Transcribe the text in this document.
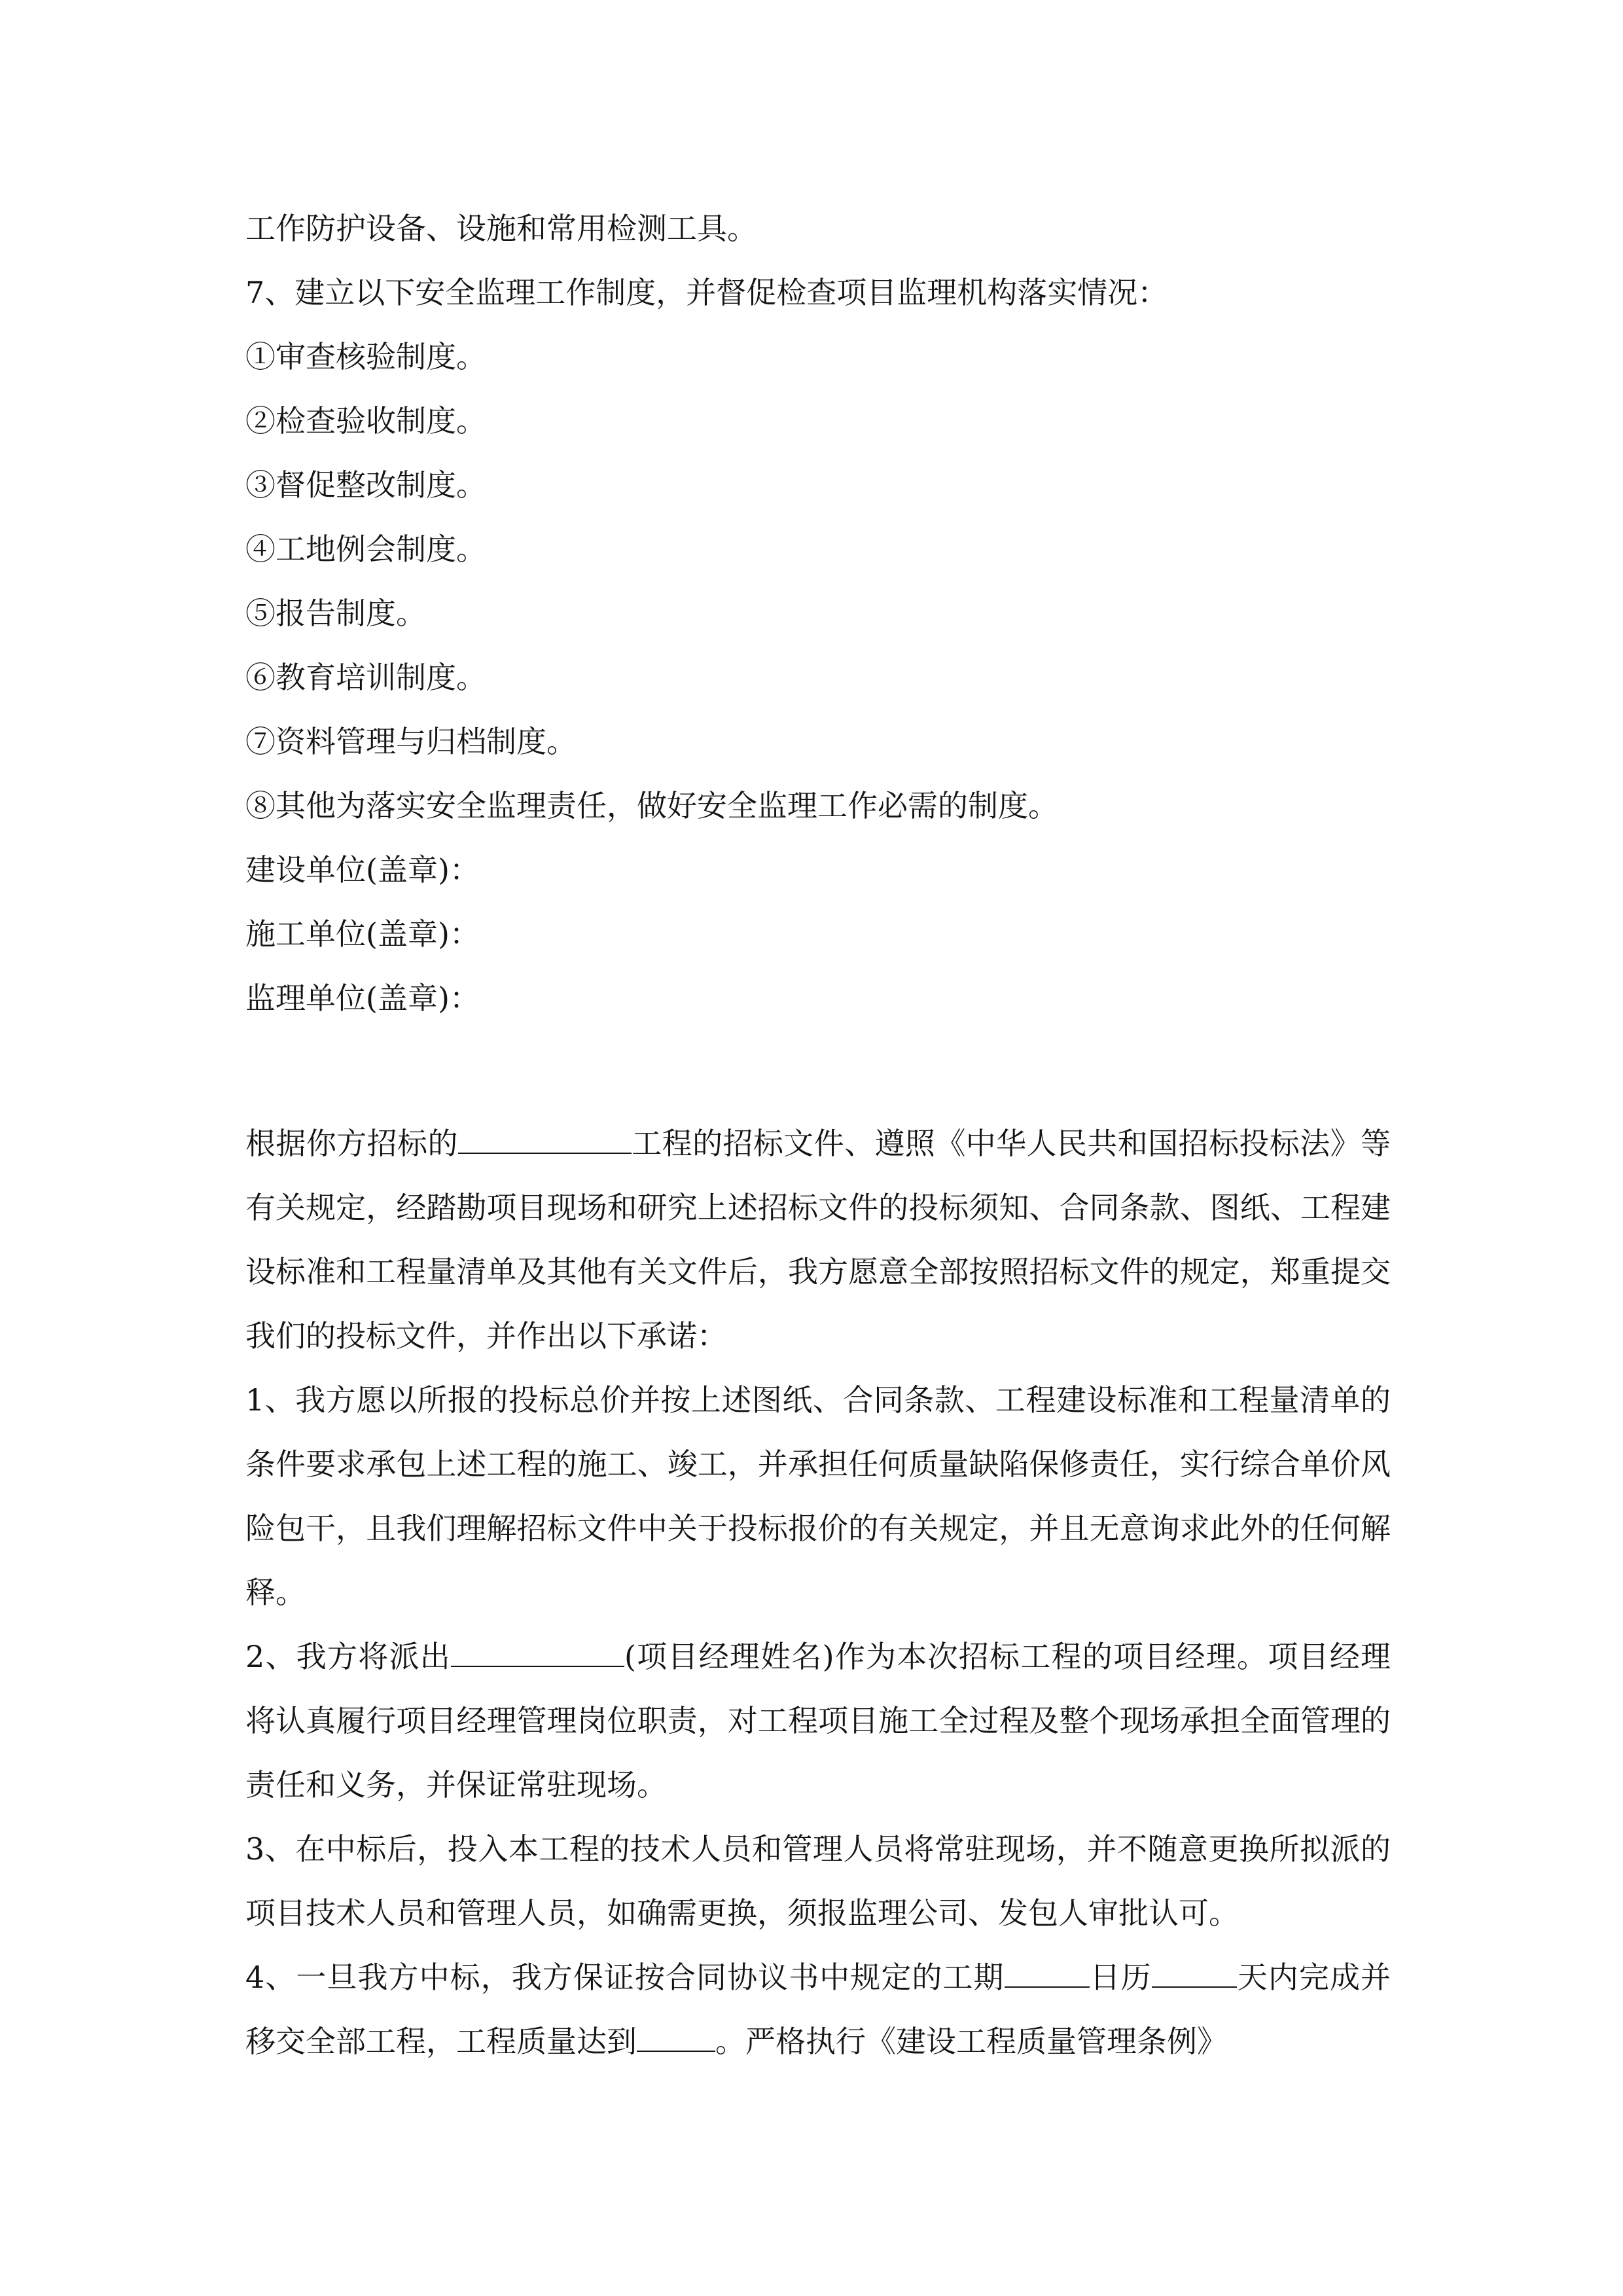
工作防护设备、设施和常用检测工具。
7、建立以下安全监理工作制度，并督促检查项目监理机构落实情况：
①审查核验制度。
②检查验收制度。
③督促整改制度。
④工地例会制度。
⑤报告制度。
⑥教育培训制度。
⑦资料管理与归档制度。
⑧其他为落实安全监理责任，做好安全监理工作必需的制度。
建设单位(盖章)：
施工单位(盖章)：
监理单位(盖章)：
根据你方招标的	工程的招标文件、遵照《中华人民共和国招标投标法》等有关规定，经踏勘项目现场和研究上述招标文件的投标须知、合同条款、图纸、工程建设标准和工程量清单及其他有关文件后，我方愿意全部按照招标文件的规定，郑重提交我们的投标文件，并作出以下承诺：
1、我方愿以所报的投标总价并按上述图纸、合同条款、工程建设标准和工程量清单的条件要求承包上述工程的施工、竣工，并承担任何质量缺陷保修责任，实行综合单价风险包干，且我们理解招标文件中关于投标报价的有关规定，并且无意询求此外的任何解释。
2、我方将派出	(项目经理姓名)作为本次招标工程的项目经理。项目经理将认真履行项目经理管理岗位职责，对工程项目施工全过程及整个现场承担全面管理的责任和义务，并保证常驻现场。
3、在中标后，投入本工程的技术人员和管理人员将常驻现场，并不随意更换所拟派的项目技术人员和管理人员，如确需更换，须报监理公司、发包人审批认可。
4、一旦我方中标，我方保证按合同协议书中规定的工期	日历	天内完成并移交全部工程，工程质量达到	。严格执行《建设工程质量管理条例》
